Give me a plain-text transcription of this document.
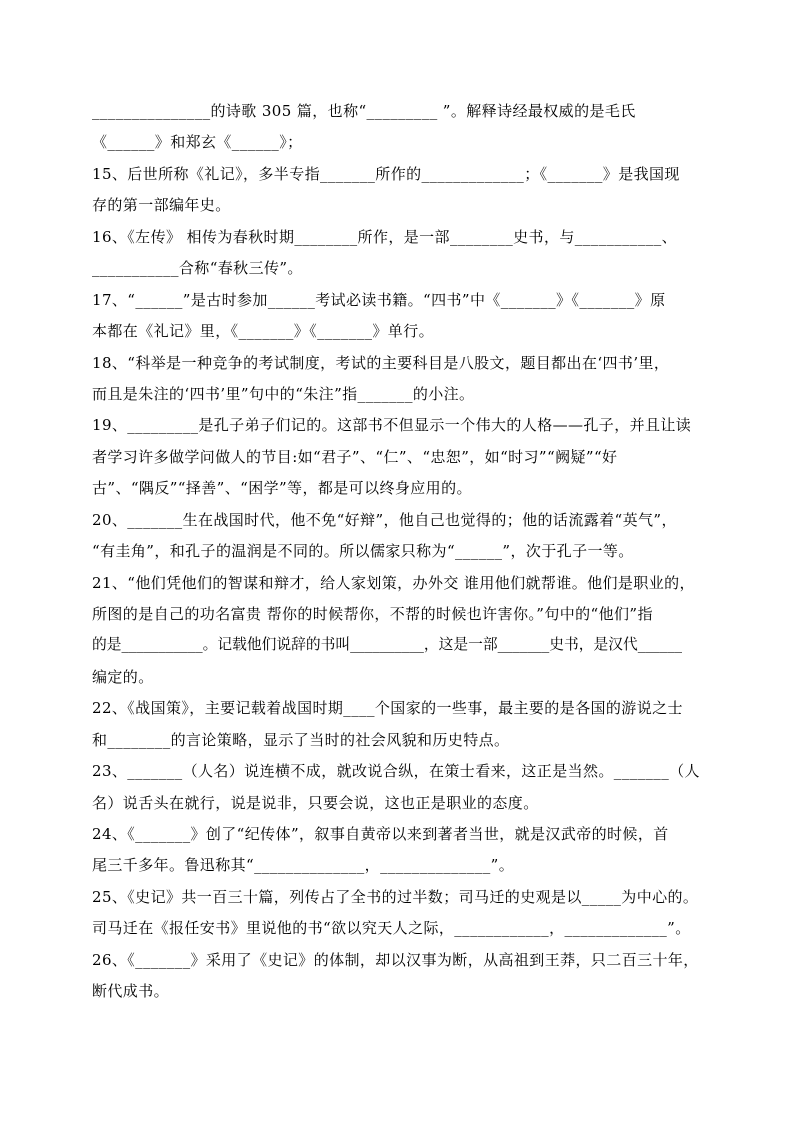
_______________的诗歌 305 篇，也称“_________ ”。解释诗经最权威的是毛氏
《______》和郑玄《______》；
15、后世所称《礼记》，多半专指_______所作的_____________；《_______》是我国现
存的第一部编年史。
16、《左传》 相传为春秋时期________所作，是一部________史书，与___________、
___________合称“春秋三传”。
17、“______”是古时参加______考试必读书籍。“四书”中《_______》《_______》原
本都在《礼记》里，《_______》《_______》单行。
18、“科举是一种竞争的考试制度，考试的主要科目是八股文，题目都出在‘四书’里，
而且是朱注的‘四书’里”句中的“朱注”指_______的小注。
19、_________是孔子弟子们记的。这部书不但显示一个伟大的人格——孔子，并且让读
者学习许多做学问做人的节目:如“君子”、“仁”、“忠恕”，如“时习”“阙疑”“好
古”、“隅反”“择善”、“困学”等，都是可以终身应用的。
20、_______生在战国时代，他不免“好辩”，他自己也觉得的；他的话流露着“英气”，
“有圭角”，和孔子的温润是不同的。所以儒家只称为“______”，次于孔子一等。
21、“他们凭他们的智谋和辩才，给人家划策，办外交 谁用他们就帮谁。他们是职业的，
所图的是自己的功名富贵 帮你的时候帮你，不帮的时候也许害你。”句中的“他们”指
的是___________。记载他们说辞的书叫__________，这是一部_______史书，是汉代______
编定的。
22、《战国策》，主要记载着战国时期____个国家的一些事，最主要的是各国的游说之士
和________的言论策略，显示了当时的社会风貌和历史特点。
23、_______（人名）说连横不成，就改说合纵，在策士看来，这正是当然。_______（人
名）说舌头在就行，说是说非，只要会说，这也正是职业的态度。
24、《_______》创了“纪传体”，叙事自黄帝以来到著者当世，就是汉武帝的时候，首
尾三千多年。鲁迅称其“______________，______________”。
25、《史记》共一百三十篇，列传占了全书的过半数；司马迁的史观是以_____为中心的。
司马迁在《报任安书》里说他的书“欲以究天人之际，____________，_____________”。
26、《_______》采用了《史记》的体制，却以汉事为断，从高祖到王莽，只二百三十年，
断代成书。
